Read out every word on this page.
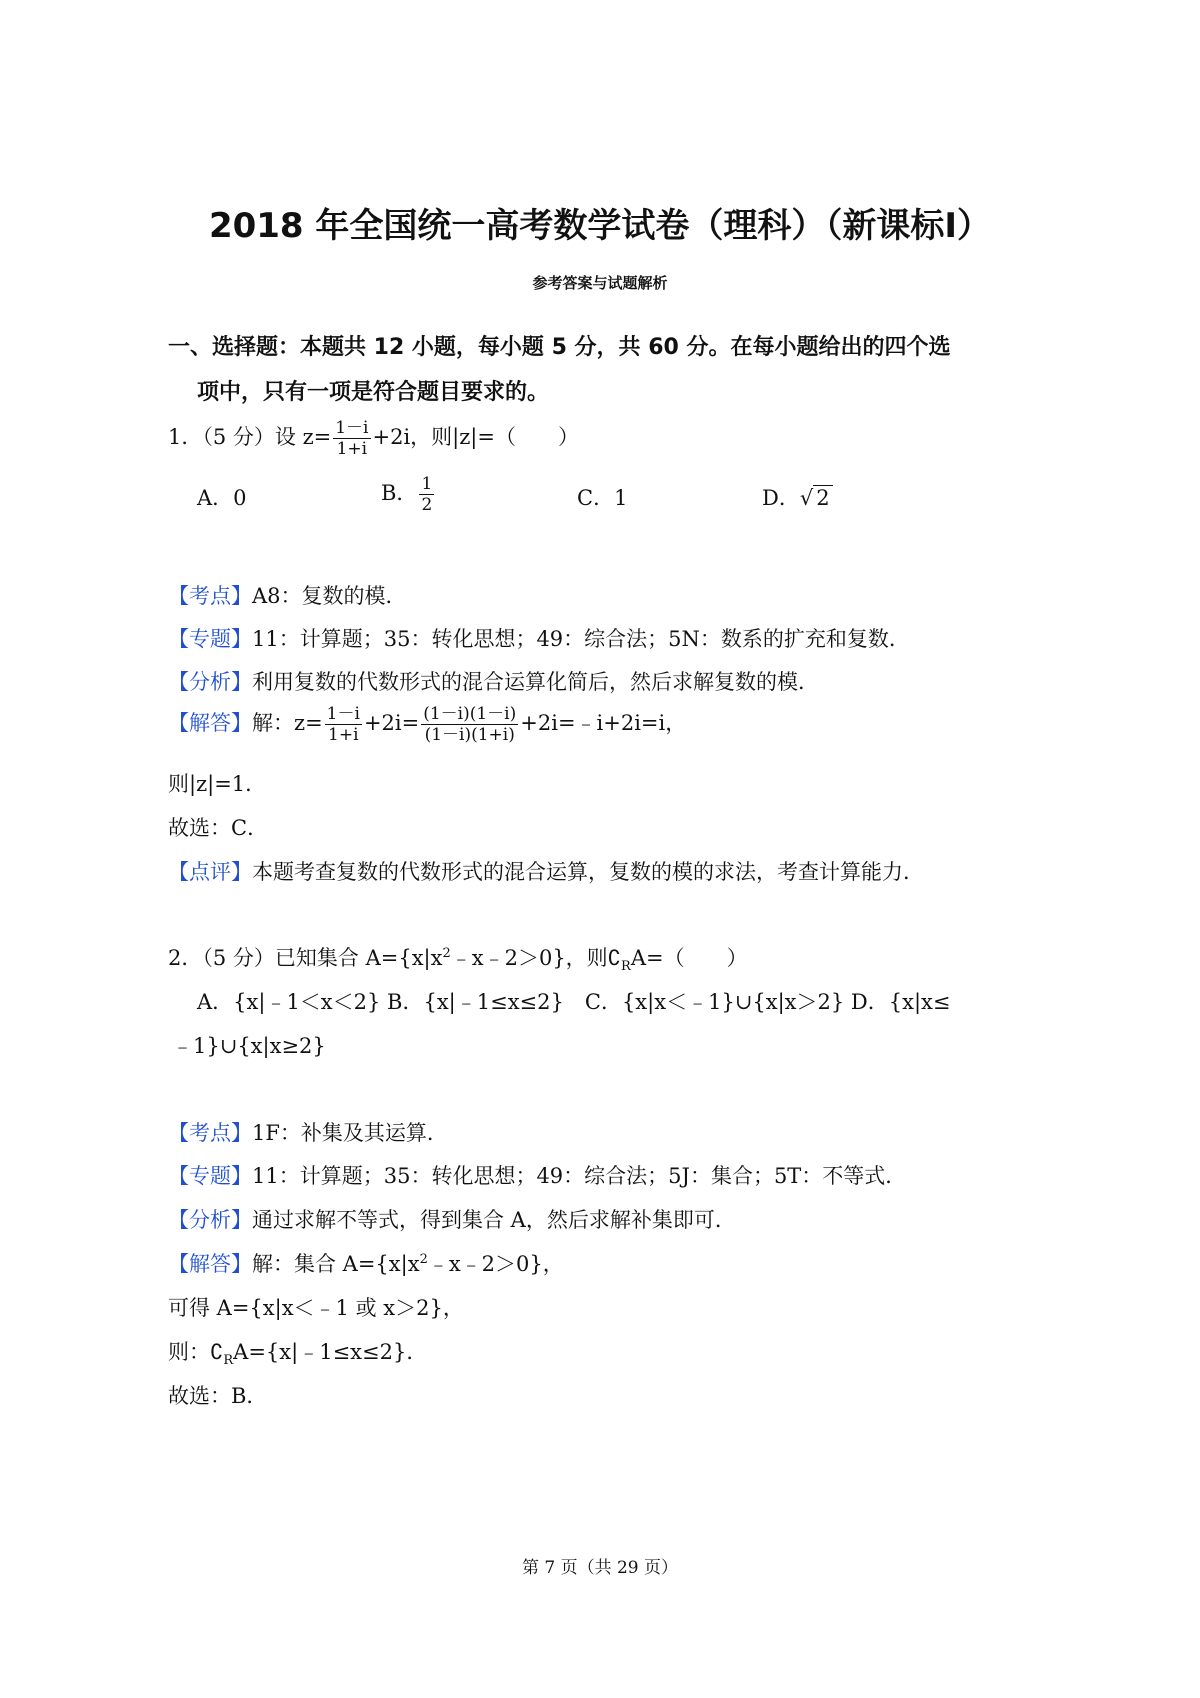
2018 年全国统一高考数学试卷（理科）（新课标Ⅰ）
参考答案与试题解析
一、选择题：本题共 12 小题，每小题 5 分，共 60 分。在每小题给出的四个选
项中，只有一项是符合题目要求的。
1．（5 分）设 $z= \frac{1-i}{1+i} +2i$，则|z|=（　　）
A．0	B． $\frac{1}{2}$	C．1	D．√ 2
【考点】A8：复数的模．
【专题】11：计算题；35：转化思想；49：综合法；5N：数系的扩充和复数．
【分析】利用复数的代数形式的混合运算化简后，然后求解复数的模．
【解答】解：$z= \frac{1-i}{1+i} +2i= \frac{(1-i)(1-i)}{(1-i)(1+i)}$ +2i=﹣i+2i=i，
则|z|=1．
故选：C．
【点评】本题考查复数的代数形式的混合运算，复数的模的求法，考查计算能力．
2．（5 分）已知集合 $A=\{x|x^2﹣x﹣2>0\}$，则$∁_RA=$（　　）
A．{x|﹣1＜x＜2} B．{x|﹣1≤x≤2}　C．{x|x＜﹣1}∪{x|x＞2} D．{x|x≤
﹣1}∪{x|x≥2}
【考点】1F：补集及其运算．
【专题】11：计算题；35：转化思想；49：综合法；5J：集合；5T：不等式．
【分析】通过求解不等式，得到集合 A，然后求解补集即可．
【解答】解：集合 $A=\{x|x^2﹣x﹣2>0\}$，
可得 A={x|x＜﹣1 或 x＞2}，
则：$∁_RA=\{x|﹣1\le x\le 2\}$．
故选：B．
第 7 页（共 29 页）
